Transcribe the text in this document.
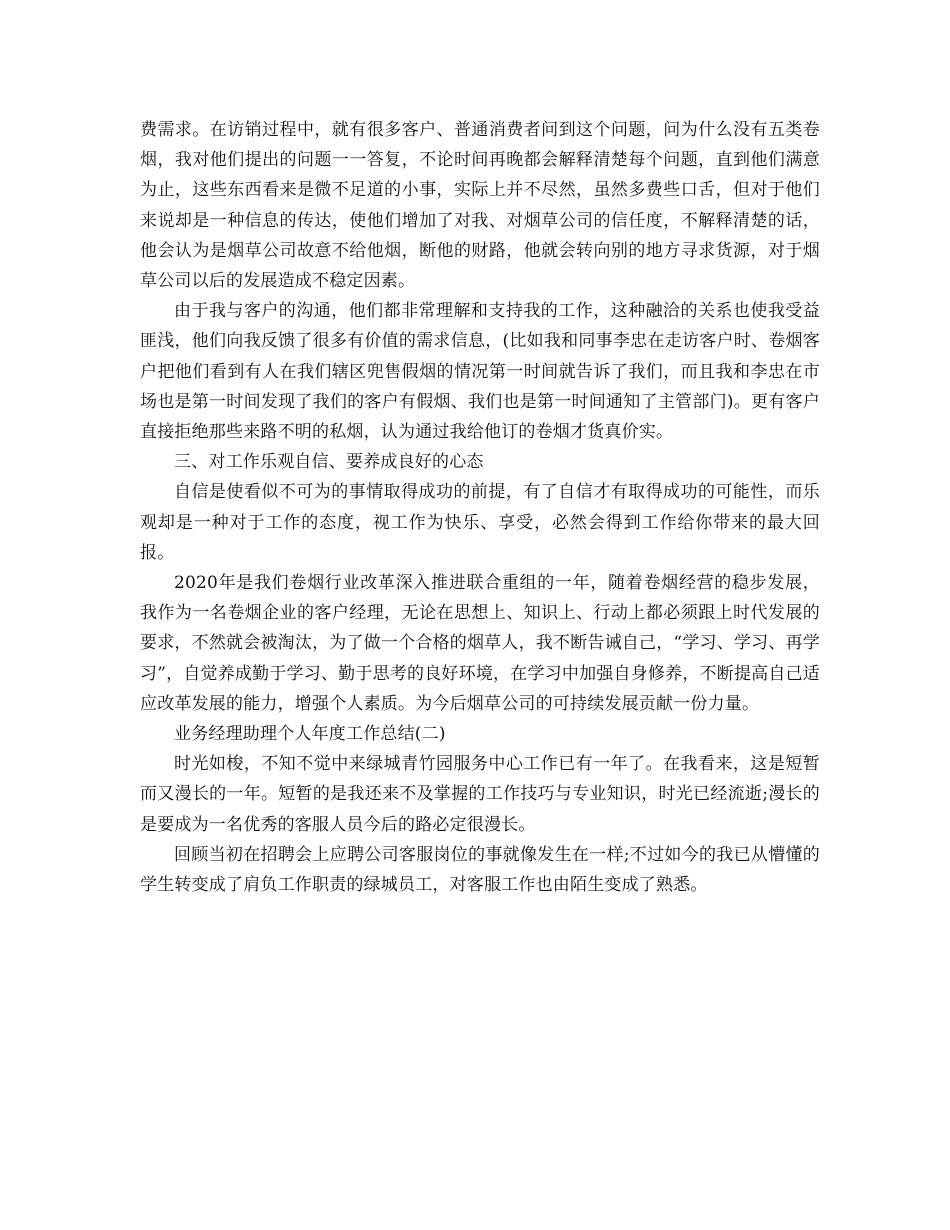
费需求。在访销过程中，就有很多客户、普通消费者问到这个问题，问为什么没有五类卷烟，我对他们提出的问题一一答复，不论时间再晚都会解释清楚每个问题，直到他们满意为止，这些东西看来是微不足道的小事，实际上并不尽然，虽然多费些口舌，但对于他们来说却是一种信息的传达，使他们增加了对我、对烟草公司的信任度，不解释清楚的话，他会认为是烟草公司故意不给他烟，断他的财路，他就会转向别的地方寻求货源，对于烟草公司以后的发展造成不稳定因素。

由于我与客户的沟通，他们都非常理解和支持我的工作，这种融洽的关系也使我受益匪浅，他们向我反馈了很多有价值的需求信息，(比如我和同事李忠在走访客户时、卷烟客户把他们看到有人在我们辖区兜售假烟的情况第一时间就告诉了我们，而且我和李忠在市场也是第一时间发现了我们的客户有假烟、我们也是第一时间通知了主管部门)。更有客户直接拒绝那些来路不明的私烟，认为通过我给他订的卷烟才货真价实。

三、对工作乐观自信、要养成良好的心态

自信是使看似不可为的事情取得成功的前提，有了自信才有取得成功的可能性，而乐观却是一种对于工作的态度，视工作为快乐、享受，必然会得到工作给你带来的最大回报。

2020年是我们卷烟行业改革深入推进联合重组的一年，随着卷烟经营的稳步发展，我作为一名卷烟企业的客户经理，无论在思想上、知识上、行动上都必须跟上时代发展的要求，不然就会被淘汰，为了做一个合格的烟草人，我不断告诫自己，“学习、学习、再学习”，自觉养成勤于学习、勤于思考的良好环境，在学习中加强自身修养，不断提高自己适应改革发展的能力，增强个人素质。为今后烟草公司的可持续发展贡献一份力量。

业务经理助理个人年度工作总结(二)

时光如梭，不知不觉中来绿城青竹园服务中心工作已有一年了。在我看来，这是短暂而又漫长的一年。短暂的是我还来不及掌握的工作技巧与专业知识，时光已经流逝;漫长的是要成为一名优秀的客服人员今后的路必定很漫长。

回顾当初在招聘会上应聘公司客服岗位的事就像发生在一样;不过如今的我已从懵懂的学生转变成了肩负工作职责的绿城员工，对客服工作也由陌生变成了熟悉。
